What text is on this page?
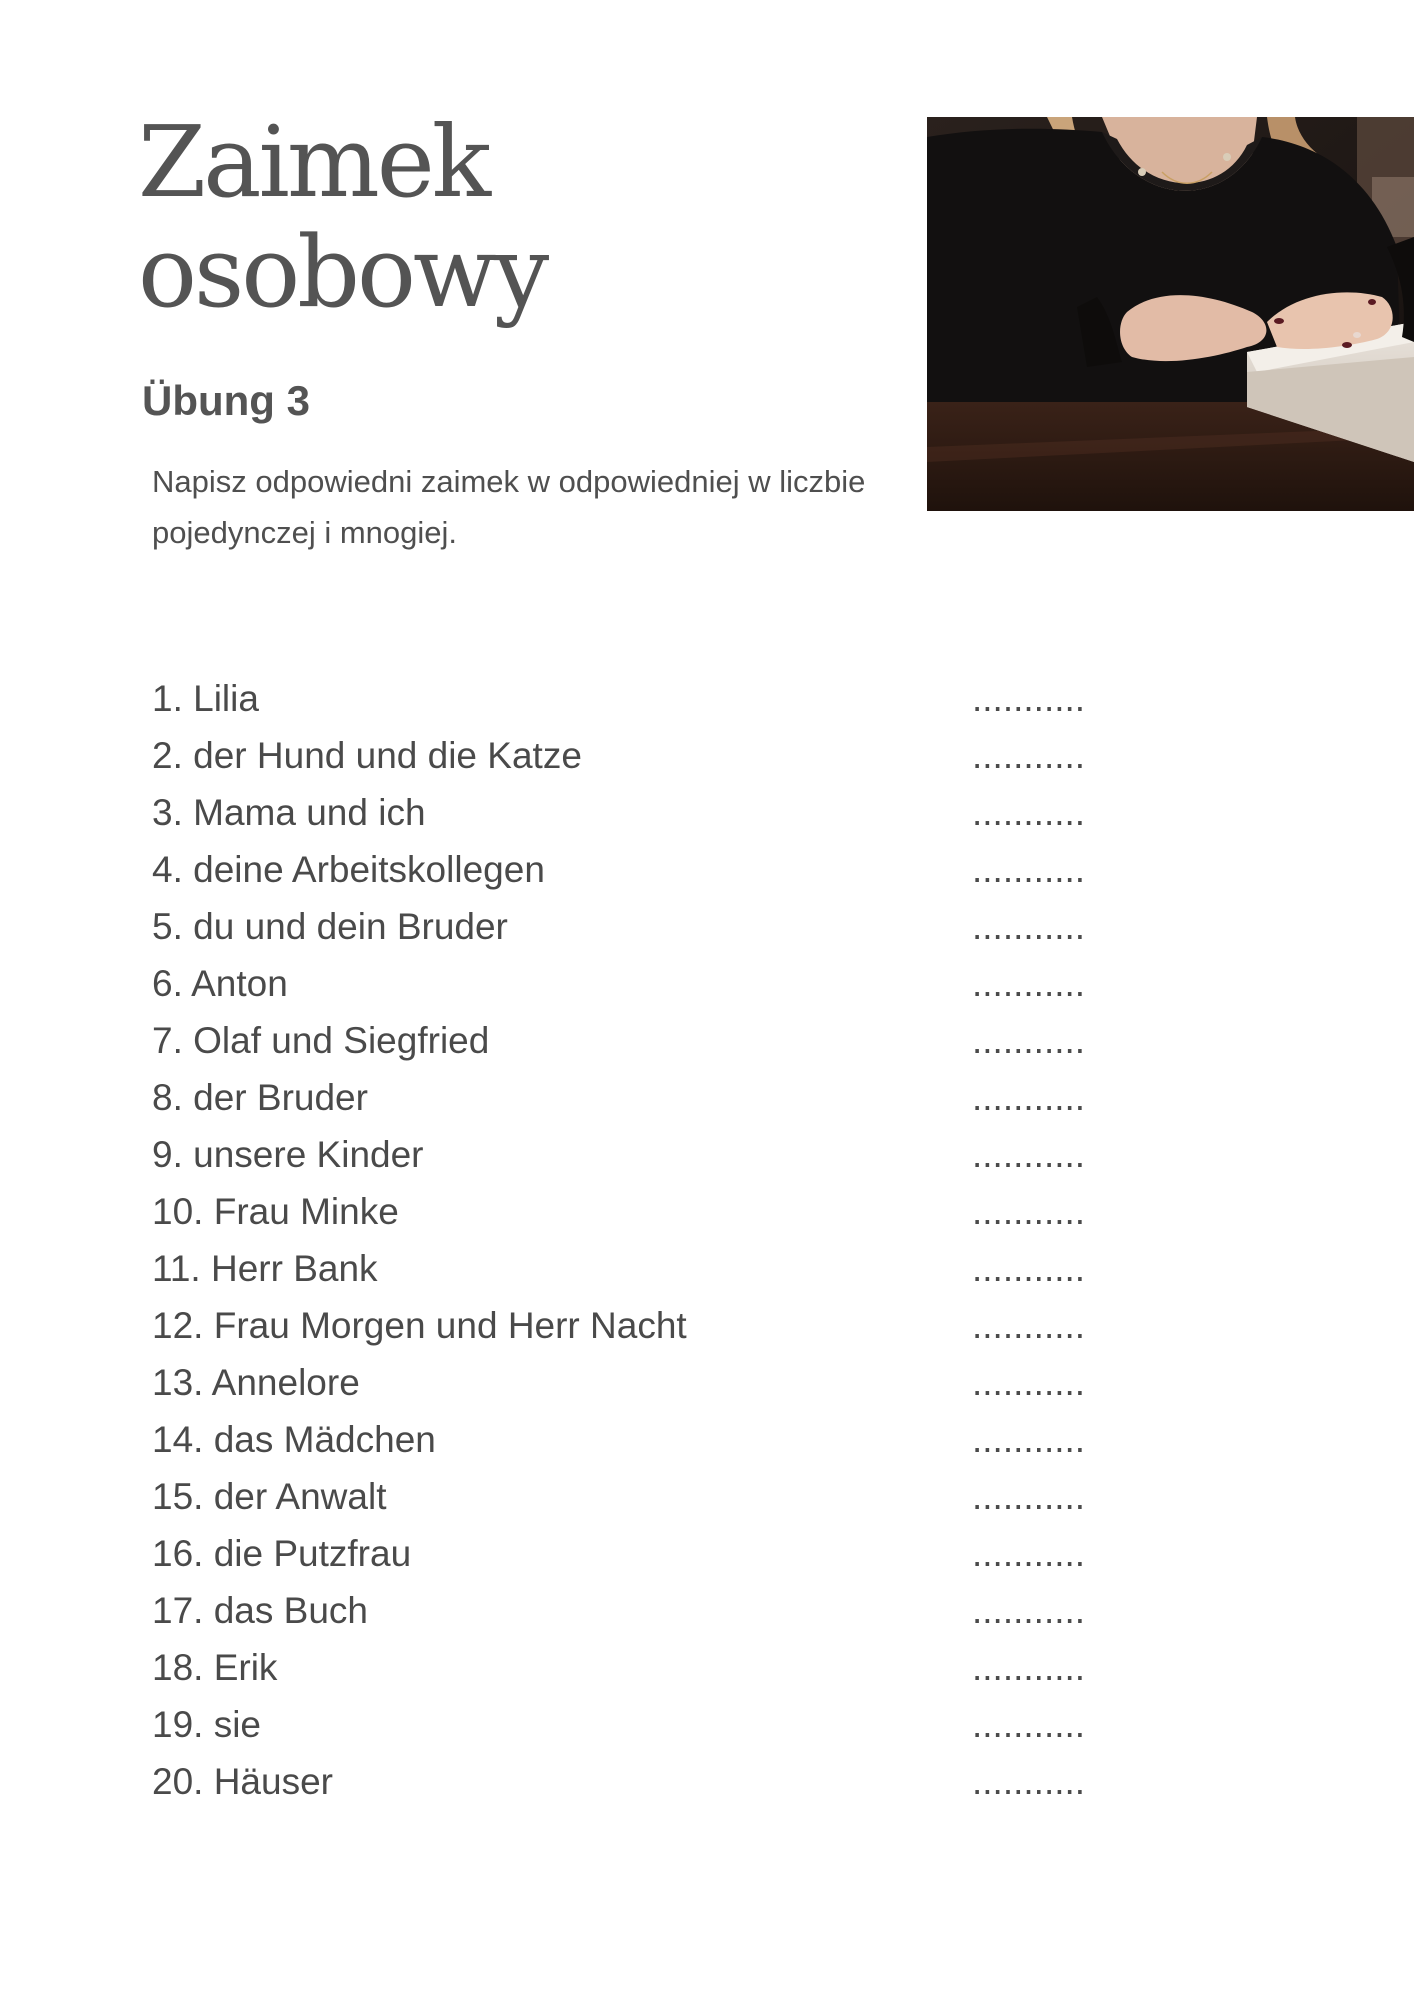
Zaimek
osobowy
Übung 3

Napisz odpowiedni zaimek w odpowiedniej w liczbie pojedynczej i mnogiej.

1. Lilia	...........
2. der Hund und die Katze	...........
3. Mama und ich	...........
4. deine Arbeitskollegen	...........
5. du und dein Bruder	...........
6. Anton	...........
7. Olaf und Siegfried	...........
8. der Bruder	...........
9. unsere Kinder	...........
10. Frau Minke	...........
11. Herr Bank	...........
12. Frau Morgen und Herr Nacht	...........
13. Annelore	...........
14. das Mädchen	...........
15. der Anwalt	...........
16. die Putzfrau	...........
17. das Buch	...........
18. Erik	...........
19. sie	...........
20. Häuser	...........
